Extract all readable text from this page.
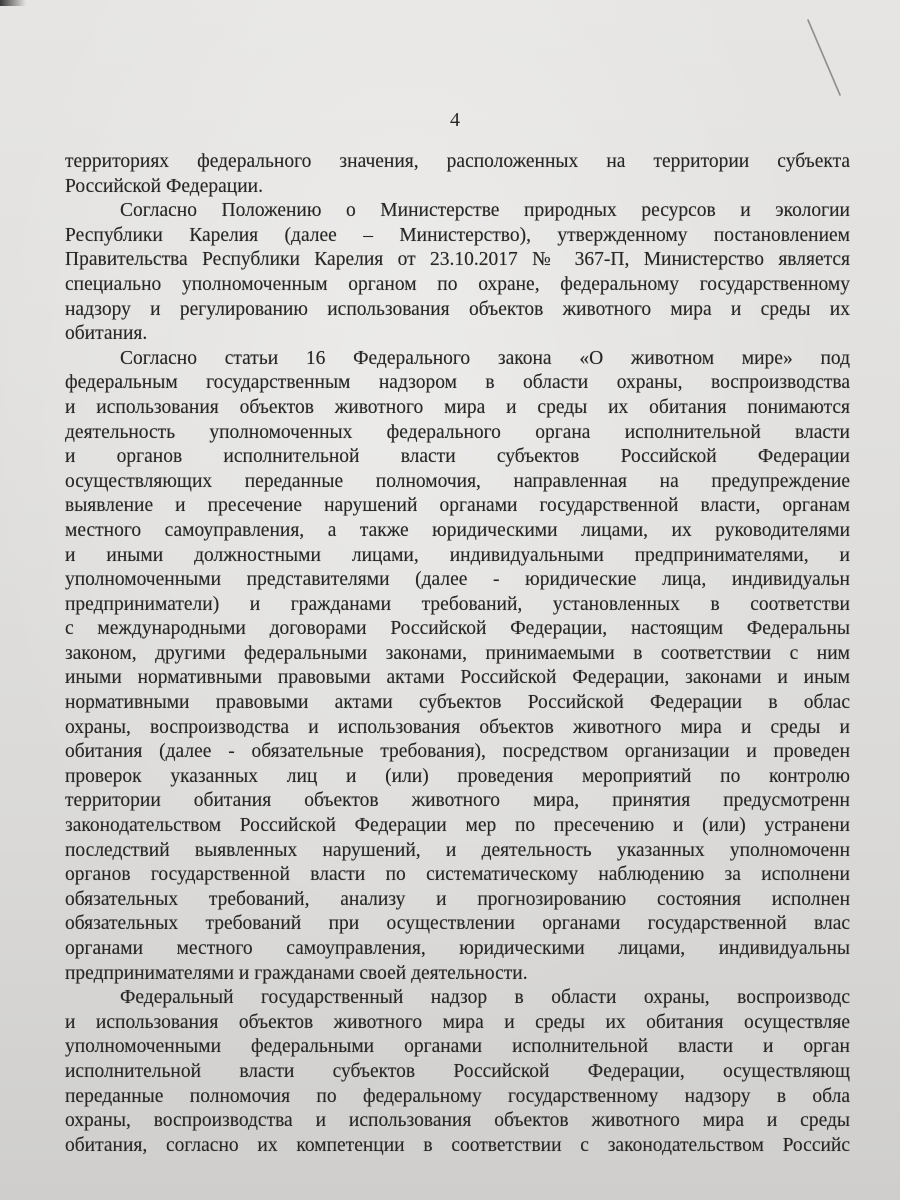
4
территориях федерального значения, расположенных на территории субъекта
Российской Федерации.
Согласно Положению о Министерстве природных ресурсов и экологии
Республики Карелия (далее – Министерство), утвержденному постановлением
Правительства Республики Карелия от 23.10.2017 № 367-П, Министерство является
специально уполномоченным органом по охране, федеральному государственному
надзору и регулированию использования объектов животного мира и среды их
обитания.
Согласно статьи 16 Федерального закона «О животном мире» под
федеральным государственным надзором в области охраны, воспроизводства
и использования объектов животного мира и среды их обитания понимаются
деятельность уполномоченных федерального органа исполнительной власти
и органов исполнительной власти субъектов Российской Федерации
осуществляющих переданные полномочия, направленная на предупреждение
выявление и пресечение нарушений органами государственной власти, органам
местного самоуправления, а также юридическими лицами, их руководителями
и иными должностными лицами, индивидуальными предпринимателями, и
уполномоченными представителями (далее - юридические лица, индивидуальн
предприниматели) и гражданами требований, установленных в соответстви
с международными договорами Российской Федерации, настоящим Федеральны
законом, другими федеральными законами, принимаемыми в соответствии с ним
иными нормативными правовыми актами Российской Федерации, законами и иным
нормативными правовыми актами субъектов Российской Федерации в облас
охраны, воспроизводства и использования объектов животного мира и среды и
обитания (далее - обязательные требования), посредством организации и проведен
проверок указанных лиц и (или) проведения мероприятий по контролю
территории обитания объектов животного мира, принятия предусмотренн
законодательством Российской Федерации мер по пресечению и (или) устранени
последствий выявленных нарушений, и деятельность указанных уполномоченн
органов государственной власти по систематическому наблюдению за исполнени
обязательных требований, анализу и прогнозированию состояния исполнен
обязательных требований при осуществлении органами государственной влас
органами местного самоуправления, юридическими лицами, индивидуальны
предпринимателями и гражданами своей деятельности.
Федеральный государственный надзор в области охраны, воспроизводс
и использования объектов животного мира и среды их обитания осуществляе
уполномоченными федеральными органами исполнительной власти и орган
исполнительной власти субъектов Российской Федерации, осуществляющ
переданные полномочия по федеральному государственному надзору в обла
охраны, воспроизводства и использования объектов животного мира и среды
обитания, согласно их компетенции в соответствии с законодательством Российс
